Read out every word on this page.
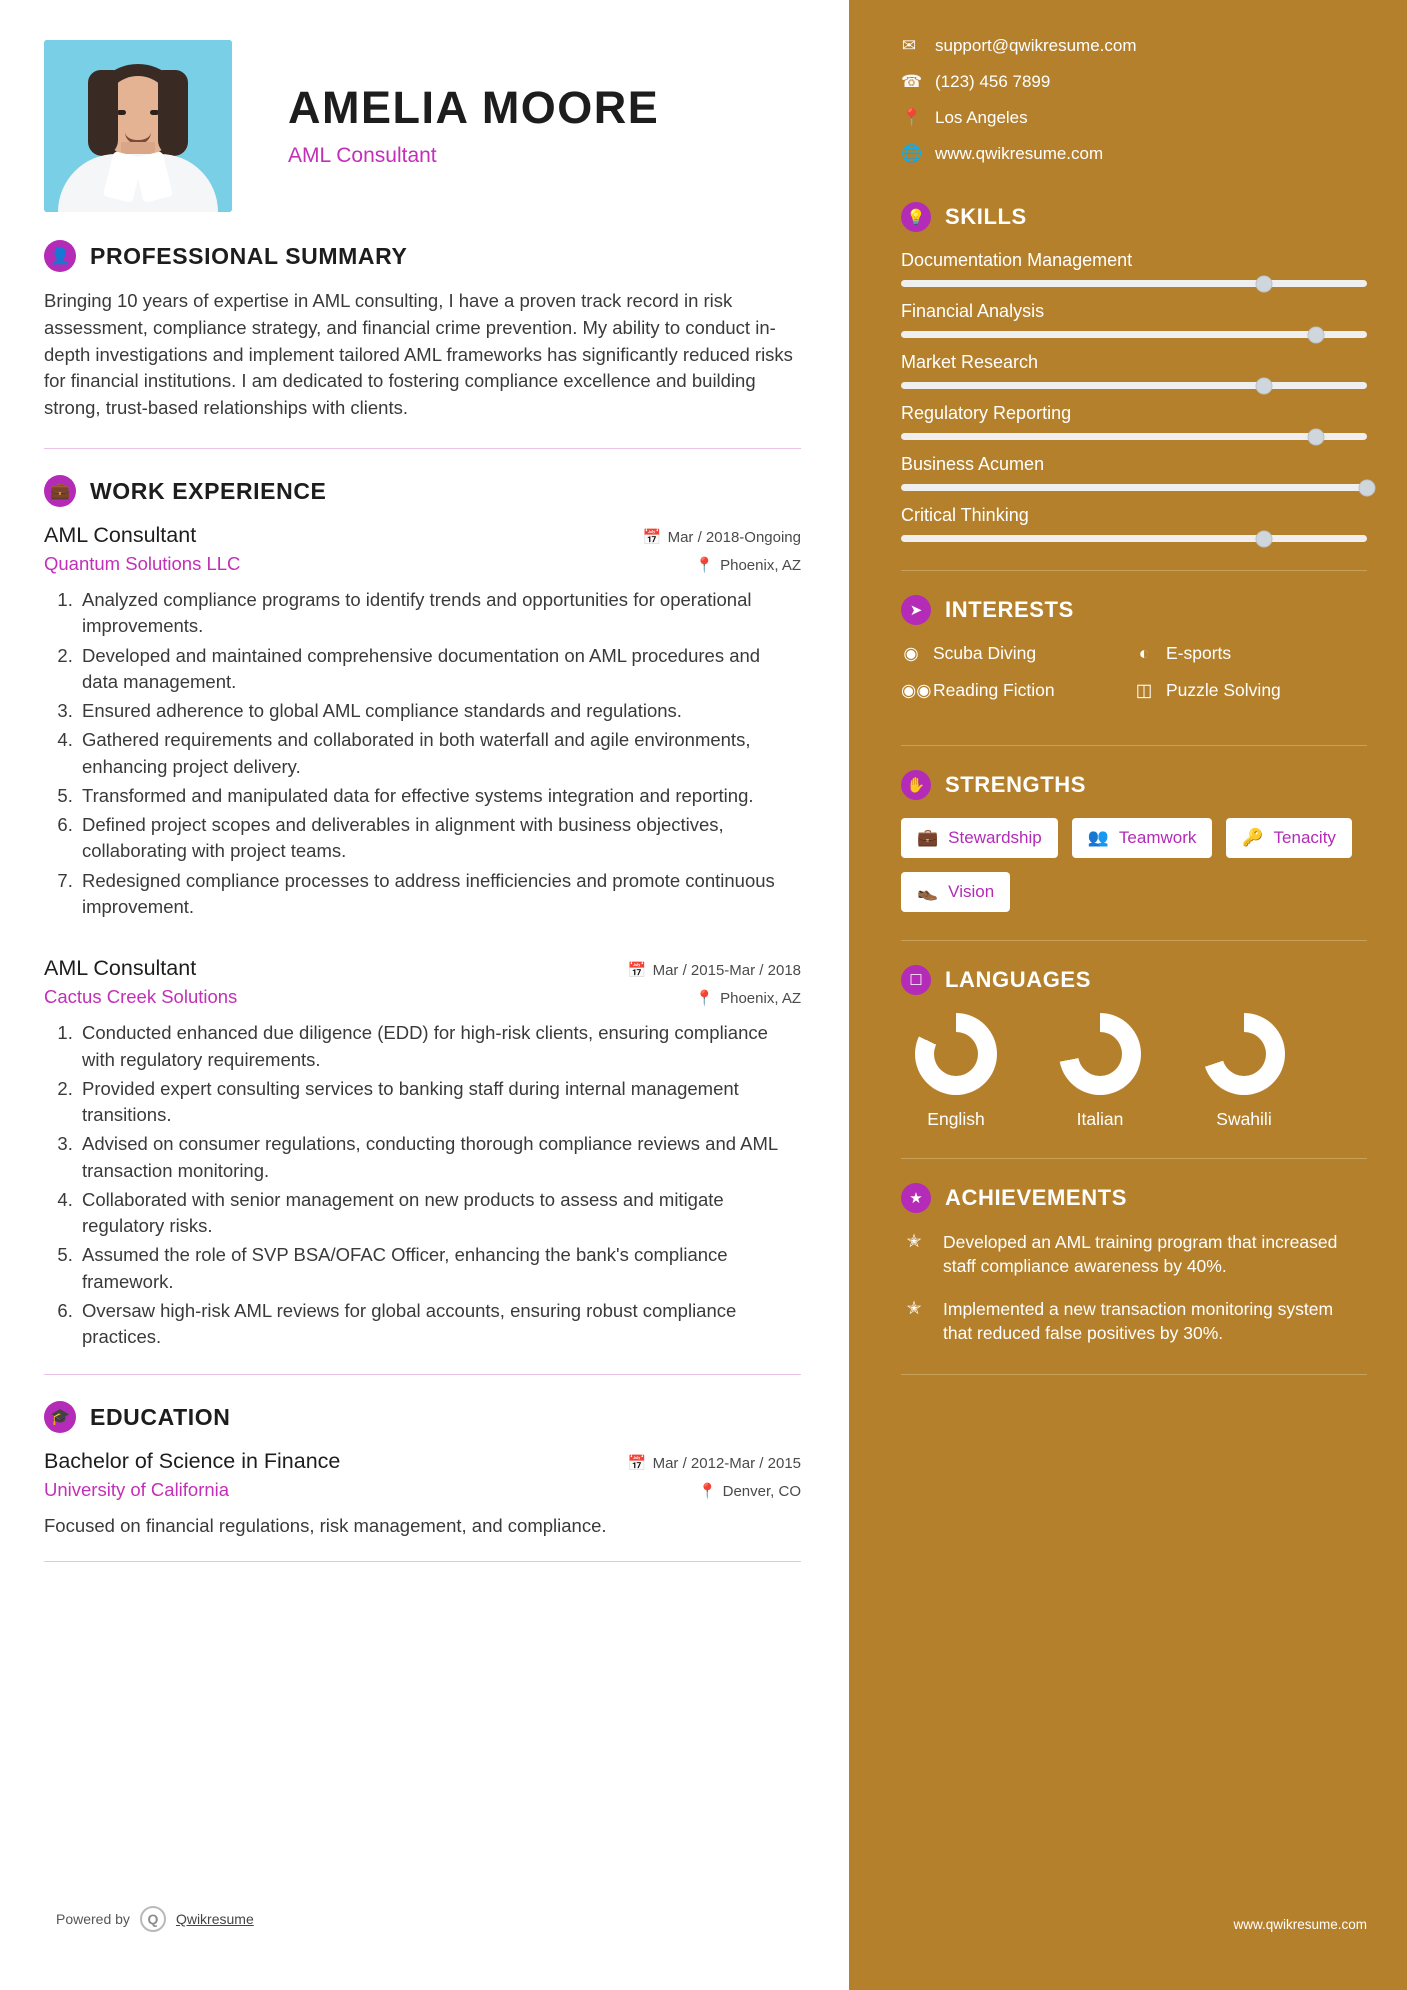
AMELIA MOORE
AML Consultant
👤 PROFESSIONAL SUMMARY
Bringing 10 years of expertise in AML consulting, I have a proven track record in risk assessment, compliance strategy, and financial crime prevention. My ability to conduct in-depth investigations and implement tailored AML frameworks has significantly reduced risks for financial institutions. I am dedicated to fostering compliance excellence and building strong, trust-based relationships with clients.
💼 WORK EXPERIENCE
AML Consultant	📅 Mar / 2018-Ongoing
Quantum Solutions LLC	📍 Phoenix, AZ
1. Analyzed compliance programs to identify trends and opportunities for operational improvements.
2. Developed and maintained comprehensive documentation on AML procedures and data management.
3. Ensured adherence to global AML compliance standards and regulations.
4. Gathered requirements and collaborated in both waterfall and agile environments, enhancing project delivery.
5. Transformed and manipulated data for effective systems integration and reporting.
6. Defined project scopes and deliverables in alignment with business objectives, collaborating with project teams.
7. Redesigned compliance processes to address inefficiencies and promote continuous improvement.
AML Consultant	📅 Mar / 2015-Mar / 2018
Cactus Creek Solutions	📍 Phoenix, AZ
1. Conducted enhanced due diligence (EDD) for high-risk clients, ensuring compliance with regulatory requirements.
2. Provided expert consulting services to banking staff during internal management transitions.
3. Advised on consumer regulations, conducting thorough compliance reviews and AML transaction monitoring.
4. Collaborated with senior management on new products to assess and mitigate regulatory risks.
5. Assumed the role of SVP BSA/OFAC Officer, enhancing the bank's compliance framework.
6. Oversaw high-risk AML reviews for global accounts, ensuring robust compliance practices.
🎓 EDUCATION
Bachelor of Science in Finance	📅 Mar / 2012-Mar / 2015
University of California	📍 Denver, CO
Focused on financial regulations, risk management, and compliance.
Powered by	Q	Qwikresume
✉ support@qwikresume.com
☎ (123) 456 7899
📍 Los Angeles
🌐 www.qwikresume.com
💡 SKILLS
Documentation Management
Financial Analysis
Market Research
Regulatory Reporting
Business Acumen
Critical Thinking
➤	INTERESTS
◉ Scuba Diving	◐ E-sports
◉◉ Reading Fiction	◫ Puzzle Solving
✋ STRENGTHS
💼 Stewardship	👥 Teamwork	🔑 Tenacity
👞 Vision
☐	LANGUAGES
English	Italian	Swahili
★	ACHIEVEMENTS
✭	Developed an AML training program that increased staff compliance awareness by 40%.
✭	Implemented a new transaction monitoring system that reduced false positives by 30%.
www.qwikresume.com
